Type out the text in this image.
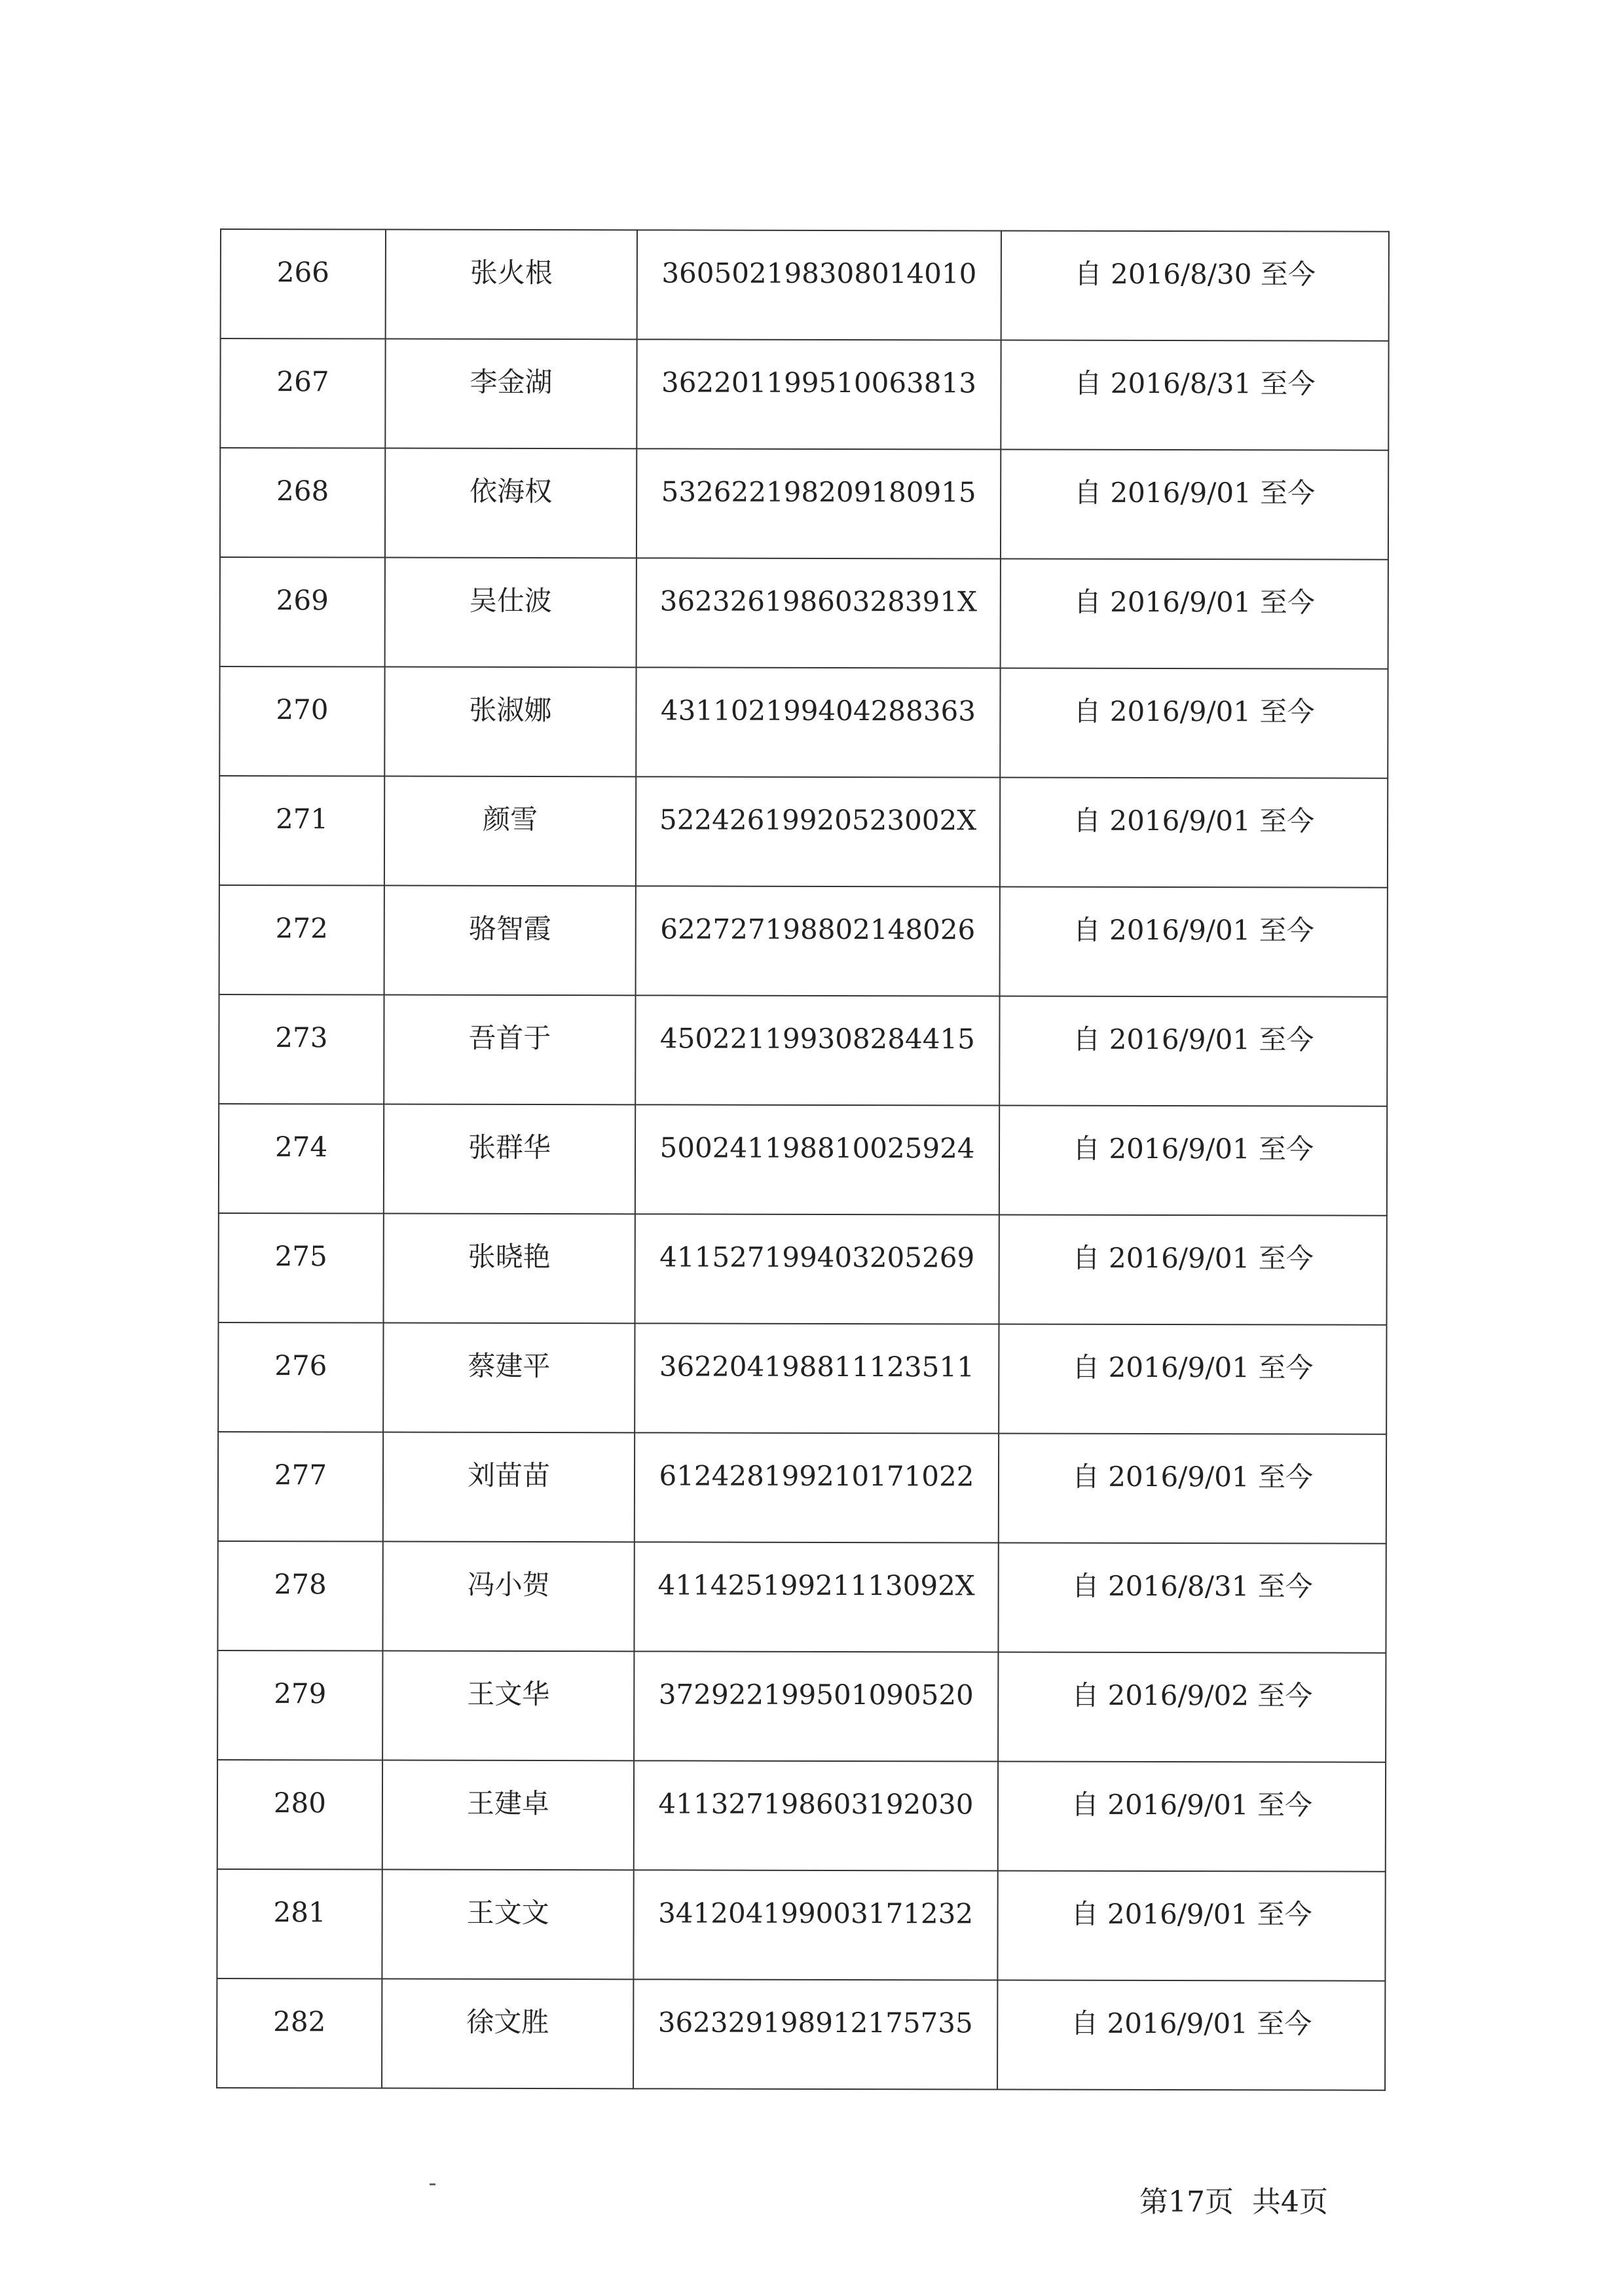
266	张火根	360502198308014010	自 2016/8/30 至今

267	李金湖	362201199510063813	自 2016/8/31 至今

268	依海权	532622198209180915	自 2016/9/01 至今

269	吴仕波	36232619860328391X	自 2016/9/01 至今

270	张淑娜	431102199404288363	自 2016/9/01 至今

271	颜雪	52242619920523002X	自 2016/9/01 至今

272	骆智霞	622727198802148026	自 2016/9/01 至今

273	吾首于	450221199308284415	自 2016/9/01 至今

274	张群华	500241198810025924	自 2016/9/01 至今

275	张晓艳	411527199403205269	自 2016/9/01 至今

276	蔡建平	362204198811123511	自 2016/9/01 至今

277	刘苗苗	612428199210171022	自 2016/9/01 至今

278	冯小贺	41142519921113092X	自 2016/8/31 至今

279	王文华	372922199501090520	自 2016/9/02 至今

280	王建卓	411327198603192030	自 2016/9/01 至今

281	王文文	341204199003171232	自 2016/9/01 至今

282	徐文胜	362329198912175735	自 2016/9/01 至今
第17页 共4页
